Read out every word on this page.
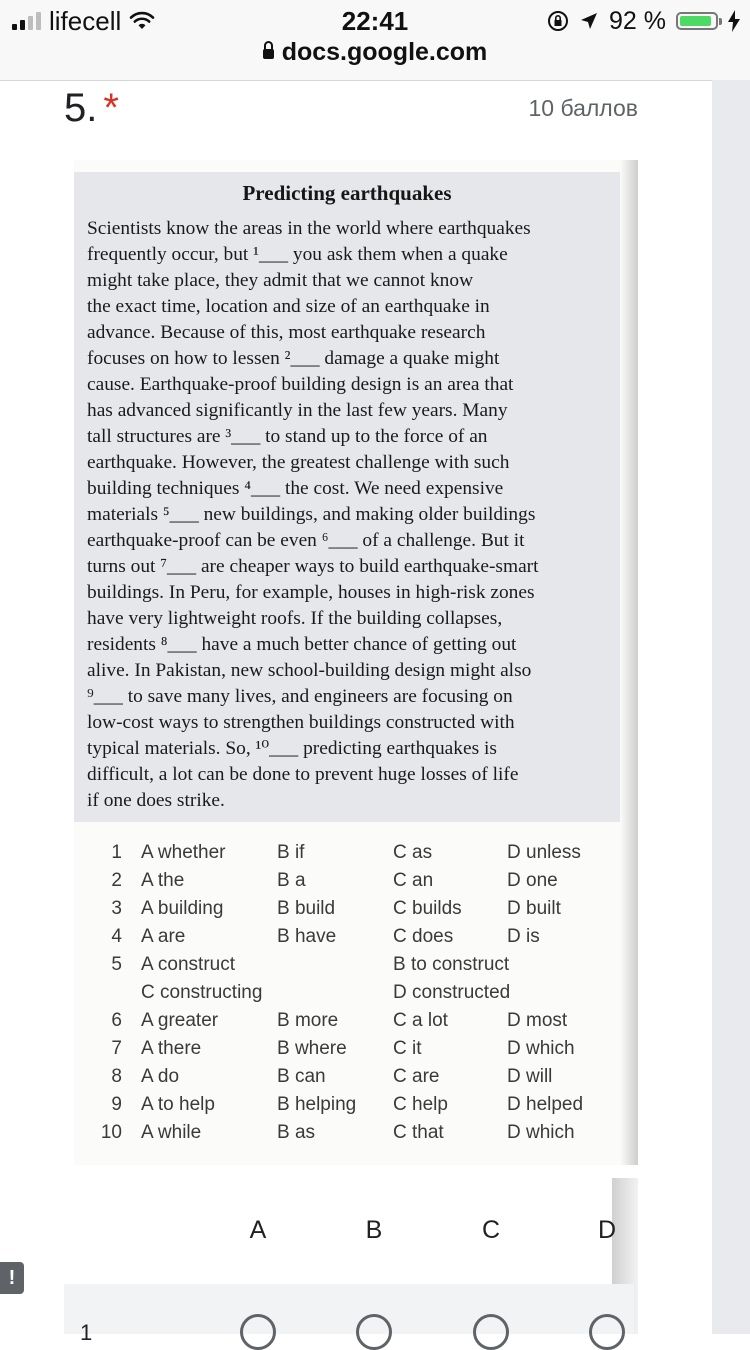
lifecell	22:41	92 %
docs.google.com
5. *	10 баллов
Predicting earthquakes
Scientists know the areas in the world where earthquakes
frequently occur, but ¹___ you ask them when a quake
might take place, they admit that we cannot know
the exact time, location and size of an earthquake in
advance. Because of this, most earthquake research
focuses on how to lessen ²___ damage a quake might
cause. Earthquake-proof building design is an area that
has advanced significantly in the last few years. Many
tall structures are ³___ to stand up to the force of an
earthquake. However, the greatest challenge with such
building techniques ⁴___ the cost. We need expensive
materials ⁵___ new buildings, and making older buildings
earthquake-proof can be even ⁶___ of a challenge. But it
turns out ⁷___ are cheaper ways to build earthquake-smart
buildings. In Peru, for example, houses in high-risk zones
have very lightweight roofs. If the building collapses,
residents ⁸___ have a much better chance of getting out
alive. In Pakistan, new school-building design might also
⁹___ to save many lives, and engineers are focusing on
low-cost ways to strengthen buildings constructed with
typical materials. So, ¹⁰___ predicting earthquakes is
difficult, a lot can be done to prevent huge losses of life
if one does strike.
1 A whether	B if	C as	D unless
2 A the	B a	C an	D one
3 A building	B build	C builds D built
4 A are	B have	C does	D is
5 A construct	B to construct
C constructing	D constructed
6 A greater	B more	C a lot	D most
7 A there	B where C it	D which
8 A do	B can	C are	D will
9 A to help	B helping C help	D helped
10 A while	B as	C that	D which
A	B	C	D
!
1
